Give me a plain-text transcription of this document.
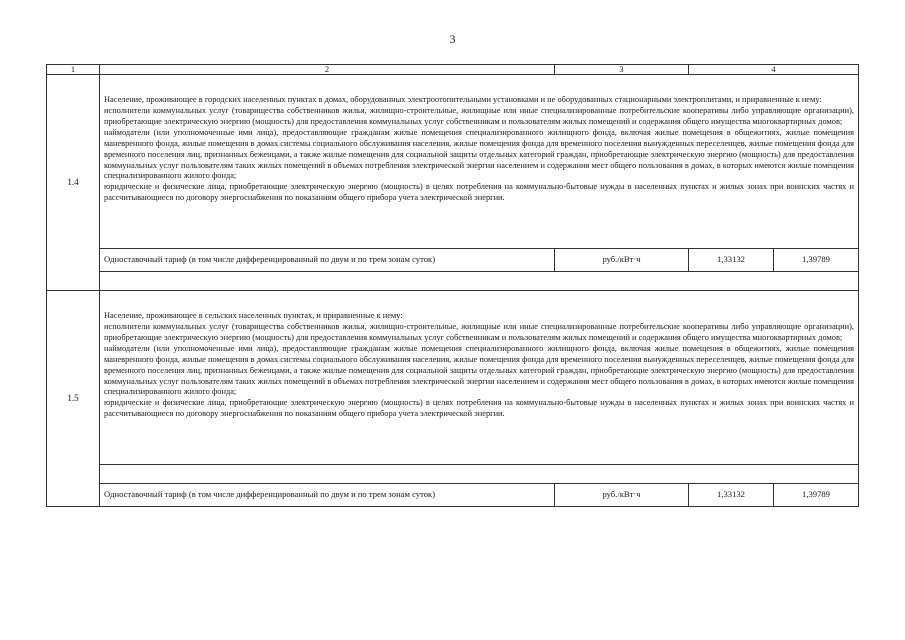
3
1	2	3	4	
1.4	Население, проживающее в городских населенных пунктах в домах, оборудованных электроотопительными установками и не оборудованных стационарными электроплитами, и приравненные к нему:

исполнители коммунальных услуг (товарищества собственников жилья, жилищно-строительные, жилищные или иные специализированные потребительские кооперативы либо управляющие организации), приобретающие электрическую энергию (мощность) для предоставления коммунальных услуг собственникам и пользователям жилых помещений и содержания общего имущества многоквартирных домов;

наймодатели (или уполномоченные ими лица), предоставляющие гражданам жилые помещения специализированного жилищного фонда, включая жилые помещения в общежитиях, жилые помещения маневренного фонда, жилые помещения в домах системы социального обслуживания населения, жилые помещения фонда для временного поселения вынужденных переселенцев, жилые помещения фонда для временного поселения лиц, признанных беженцами, а также жилые помещения для социальной защиты отдельных категорий граждан, приобретающие электрическую энергию (мощность) для предоставления коммунальных услуг пользователям таких жилых помещений в объемах потребления электрической энергии населением и содержания мест общего пользования в домах, в которых имеются жилые помещения специализированного жилого фонда;

юридические и физические лица, приобретающие электрическую энергию (мощность) в целях потребления на коммунально-бытовые нужды в населенных пунктах и жилых зонах при воинских частях и рассчитывающиеся по договору энергоснабжения по показаниям общего прибора учета электрической энергии.			

	Одноставочный тариф (в том числе дифференцированный по двум и по трем зонам суток)	руб./кВт·ч	1,33132	1,39789

1.5	Население, проживающее в сельских населенных пунктах, и приравненные к нему:

исполнители коммунальных услуг (товарищества собственников жилья, жилищно-строительные, жилищные или иные специализированные потребительские кооперативы либо управляющие организации), приобретающие электрическую энергию (мощность) для предоставления коммунальных услуг собственникам и пользователям жилых помещений и содержания общего имущества многоквартирных домов;

наймодатели (или уполномоченные ими лица), предоставляющие гражданам жилые помещения специализированного жилищного фонда, включая жилые помещения в общежитиях, жилые помещения маневренного фонда, жилые помещения в домах системы социального обслуживания населения, жилые помещения фонда для временного поселения вынужденных переселенцев, жилые помещения фонда для временного поселения лиц, признанных беженцами, а также жилые помещения для социальной защиты отдельных категорий граждан, приобретающие электрическую энергию (мощность) для предоставления коммунальных услуг пользователям таких жилых помещений в объемах потребления электрической энергии населением и содержания мест общего пользования в домах, в которых имеются жилые помещения специализированного жилого фонда;

юридические и физические лица, приобретающие электрическую энергию (мощность) в целях потребления на коммунально-бытовые нужды в населенных пунктах и жилых зонах при воинских частях и рассчитывающиеся по договору энергоснабжения по показаниям общего прибора учета электрической энергии.			

	Одноставочный тариф (в том числе дифференцированный по двум и по трем зонам суток)	руб./кВт·ч	1,33132	1,39789
